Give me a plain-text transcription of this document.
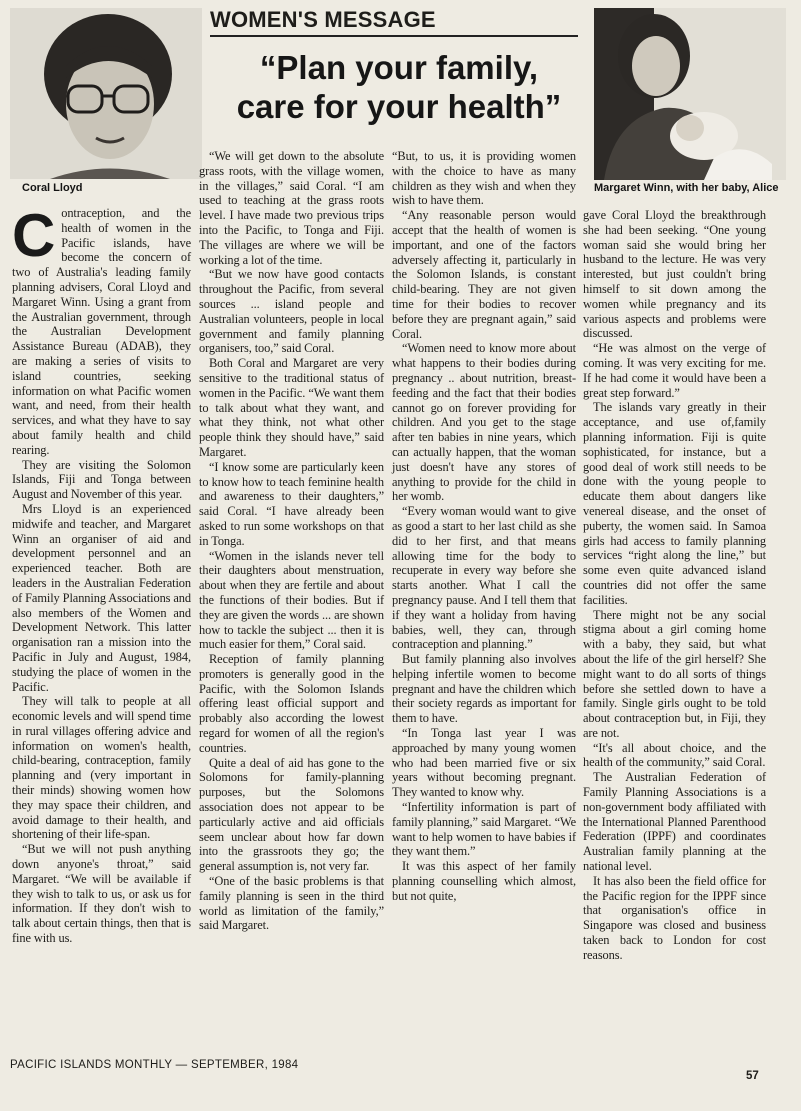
Coral Lloyd	Margaret Winn, with her baby, Alice
WOMEN'S MESSAGE
“Plan your family,
care for your health”

Contraception, and the health of women in the Pacific islands, have become the concern of two of Australia's leading family planning advisers, Coral Lloyd and Margaret Winn. Using a grant from the Australian government, through the Australian Development Assistance Bureau (ADAB), they are making a series of visits to island countries, seeking information on what Pacific women want, and need, from their health services, and what they have to say about family health and child rearing.

They are visiting the Solomon Islands, Fiji and Tonga between August and November of this year.

Mrs Lloyd is an experienced midwife and teacher, and Margaret Winn an organiser of aid and development personnel and an experienced teacher. Both are leaders in the Australian Federation of Family Planning Associations and also members of the Women and Development Network. This latter organisation ran a mission into the Pacific in July and August, 1984, studying the place of women in the Pacific.

They will talk to people at all economic levels and will spend time in rural villages offering advice and information on women's health, child-bearing, contraception, family planning and (very important in their minds) showing women how they may space their children, and avoid damage to their health, and shortening of their life-span.

“But we will not push anything down anyone's throat,” said Margaret. “We will be available if they wish to talk to us, or ask us for information. If they don't wish to talk about certain things, then that is fine with us.

“We will get down to the absolute grass roots, with the village women, in the villages,” said Coral. “I am used to teaching at the grass roots level. I have made two previous trips into the Pacific, to Tonga and Fiji. The villages are where we will be working a lot of the time.

“But we now have good contacts throughout the Pacific, from several sources ... island people and Australian volunteers, people in local government and family planning organisers, too,” said Coral.

Both Coral and Margaret are very sensitive to the traditional status of women in the Pacific. “We want them to talk about what they want, and what they think, not what other people think they should have,” said Margaret.

“I know some are particularly keen to know how to teach feminine health and awareness to their daughters,” said Coral. “I have already been asked to run some workshops on that in Tonga.

“Women in the islands never tell their daughters about menstruation, about when they are fertile and about the functions of their bodies. But if they are given the words ... are shown how to tackle the subject ... then it is much easier for them,” Coral said.

Reception of family planning promoters is generally good in the Pacific, with the Solomon Islands offering least official support and probably also according the lowest regard for women of all the region's countries.

Quite a deal of aid has gone to the Solomons for family-planning purposes, but the Solomons association does not appear to be particularly active and aid officials seem unclear about how far down into the grassroots they go; the general assumption is, not very far.

“One of the basic problems is that family planning is seen in the third world as limitation of the family,” said Margaret.

“But, to us, it is providing women with the choice to have as many children as they wish and when they wish to have them.

“Any reasonable person would accept that the health of women is important, and one of the factors adversely affecting it, particularly in the Solomon Islands, is constant child-bearing. They are not given time for their bodies to recover before they are pregnant again,” said Coral.

“Women need to know more about what happens to their bodies during pregnancy .. about nutrition, breast-feeding and the fact that their bodies cannot go on forever providing for children. And you get to the stage after ten babies in nine years, which can actually happen, that the woman just doesn't have any stores of anything to provide for the child in her womb.

“Every woman would want to give as good a start to her last child as she did to her first, and that means allowing time for the body to recuperate in every way before she starts another. What I call the pregnancy pause. And I tell them that if they want a holiday from having babies, well, they can, through contraception and planning.”

But family planning also involves helping infertile women to become pregnant and have the children which their society regards as important for them to have.

“In Tonga last year I was approached by many young women who had been married five or six years without becoming pregnant. They wanted to know why.

“Infertility information is part of family planning,” said Margaret. “We want to help women to have babies if they want them.”

It was this aspect of her family planning counselling which almost, but not quite,

gave Coral Lloyd the breakthrough she had been seeking. “One young woman said she would bring her husband to the lecture. He was very interested, but just couldn't bring himself to sit down among the women while pregnancy and its various aspects and problems were discussed.

“He was almost on the verge of coming. It was very exciting for me. If he had come it would have been a great step forward.”

The islands vary greatly in their acceptance, and use of,family planning information. Fiji is quite sophisticated, for instance, but a good deal of work still needs to be done with the young people to educate them about dangers like venereal disease, and the onset of puberty, the women said. In Samoa girls had access to family planning services “right along the line,” but some even quite advanced island countries did not offer the same facilities.

There might not be any social stigma about a girl coming home with a baby, they said, but what about the life of the girl herself? She might want to do all sorts of things before she settled down to have a family. Single girls ought to be told about contraception but, in Fiji, they are not.

“It's all about choice, and the health of the community,” said Coral.

The Australian Federation of Family Planning Associations is a non-government body affiliated with the International Planned Parenthood Federation (IPPF) and coordinates Australian family planning at the national level.

It has also been the field office for the Pacific region for the IPPF since that organisation's office in Singapore was closed and business taken back to London for cost reasons.

PACIFIC ISLANDS MONTHLY — SEPTEMBER, 1984
57
